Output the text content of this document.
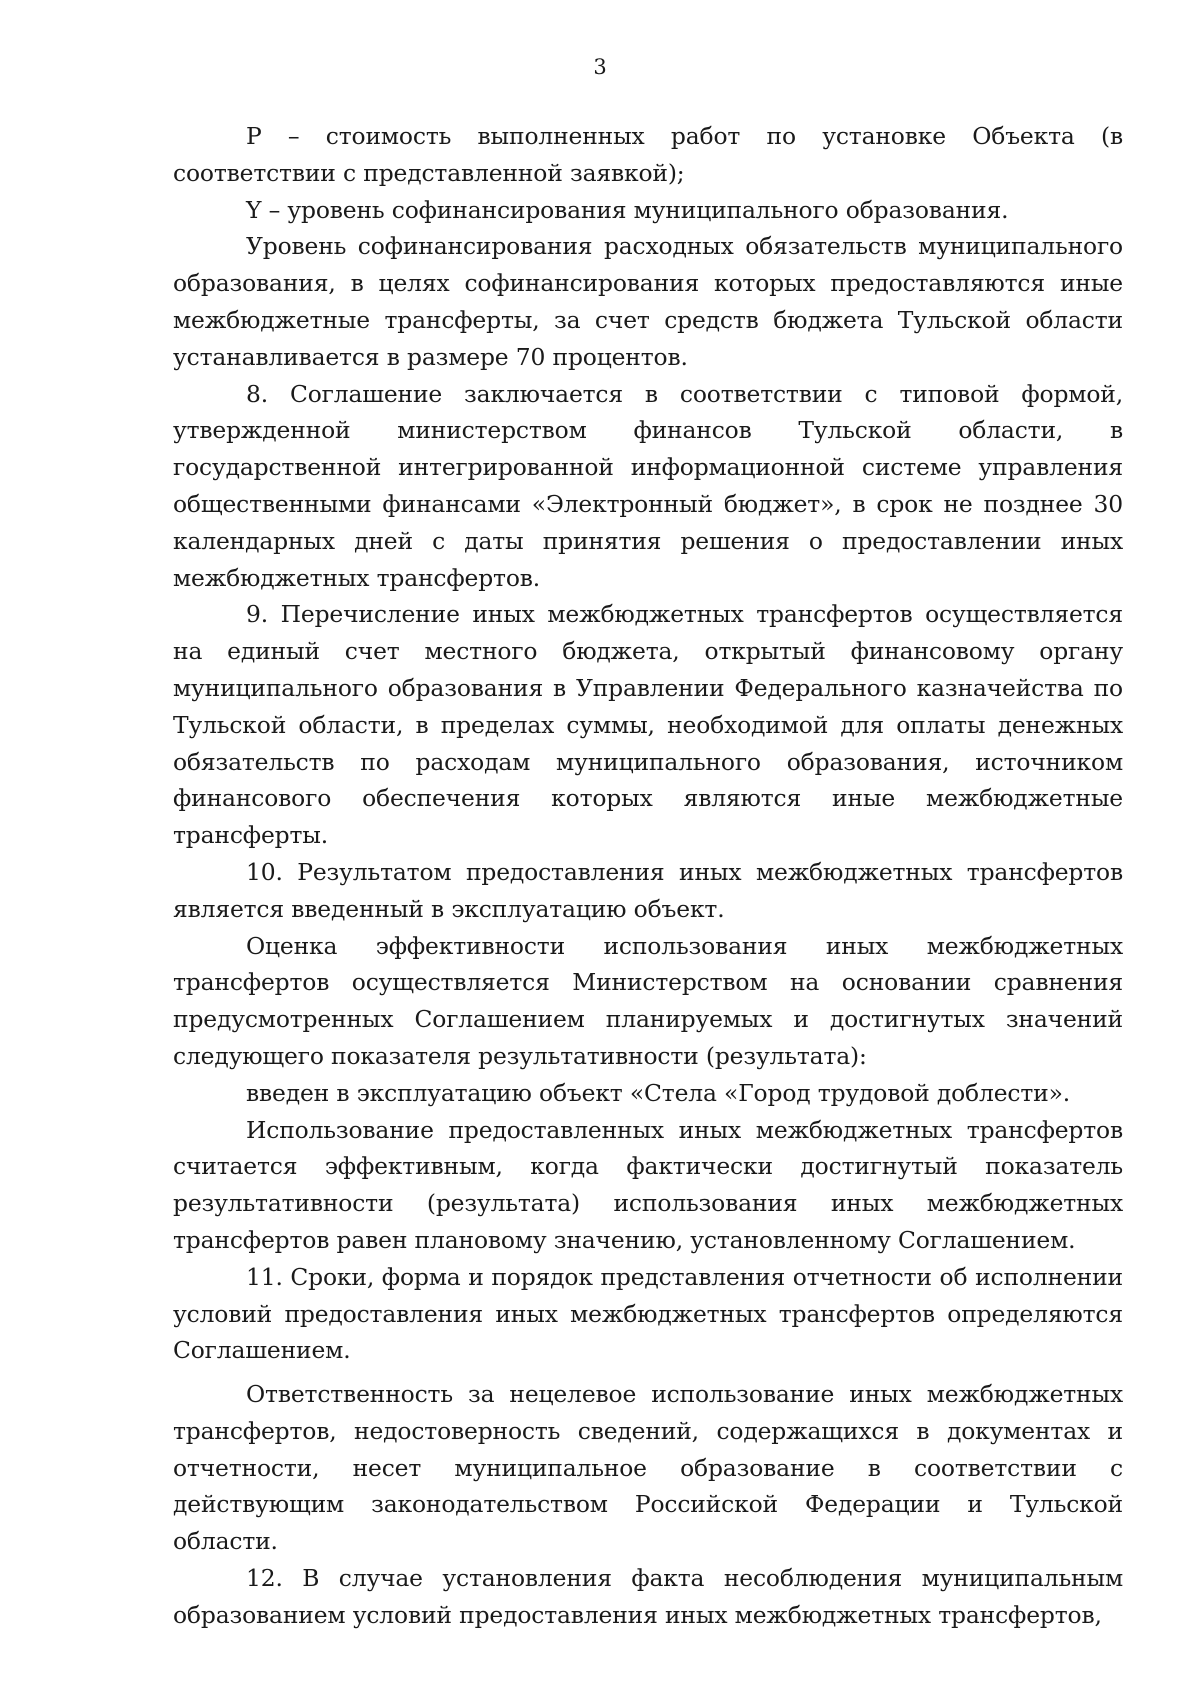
3

P – стоимость выполненных работ по установке Объекта (в соответствии с представленной заявкой);

Y – уровень софинансирования муниципального образования.

Уровень софинансирования расходных обязательств муниципального образования, в целях софинансирования которых предоставляются иные межбюджетные трансферты, за счет средств бюджета Тульской области устанавливается в размере 70 процентов.

8. Соглашение заключается в соответствии с типовой формой, утвержденной министерством финансов Тульской области, в государственной интегрированной информационной системе управления общественными финансами «Электронный бюджет», в срок не позднее 30 календарных дней с даты принятия решения о предоставлении иных межбюджетных трансфертов.

9. Перечисление иных межбюджетных трансфертов осуществляется на единый счет местного бюджета, открытый финансовому органу муниципального образования в Управлении Федерального казначейства по Тульской области, в пределах суммы, необходимой для оплаты денежных обязательств по расходам муниципального образования, источником финансового обеспечения которых являются иные межбюджетные трансферты.

10. Результатом предоставления иных межбюджетных трансфертов является введенный в эксплуатацию объект.

Оценка эффективности использования иных межбюджетных трансфертов осуществляется Министерством на основании сравнения предусмотренных Соглашением планируемых и достигнутых значений следующего показателя результативности (результата):

введен в эксплуатацию объект «Стела «Город трудовой доблести».

Использование предоставленных иных межбюджетных трансфертов считается эффективным, когда фактически достигнутый показатель результативности (результата) использования иных межбюджетных трансфертов равен плановому значению, установленному Соглашением.

11. Сроки, форма и порядок представления отчетности об исполнении условий предоставления иных межбюджетных трансфертов определяются Соглашением.

Ответственность за нецелевое использование иных межбюджетных трансфертов, недостоверность сведений, содержащихся в документах и отчетности, несет муниципальное образование в соответствии с действующим законодательством Российской Федерации и Тульской области.

12. В случае установления факта несоблюдения муниципальным образованием условий предоставления иных межбюджетных трансфертов,
